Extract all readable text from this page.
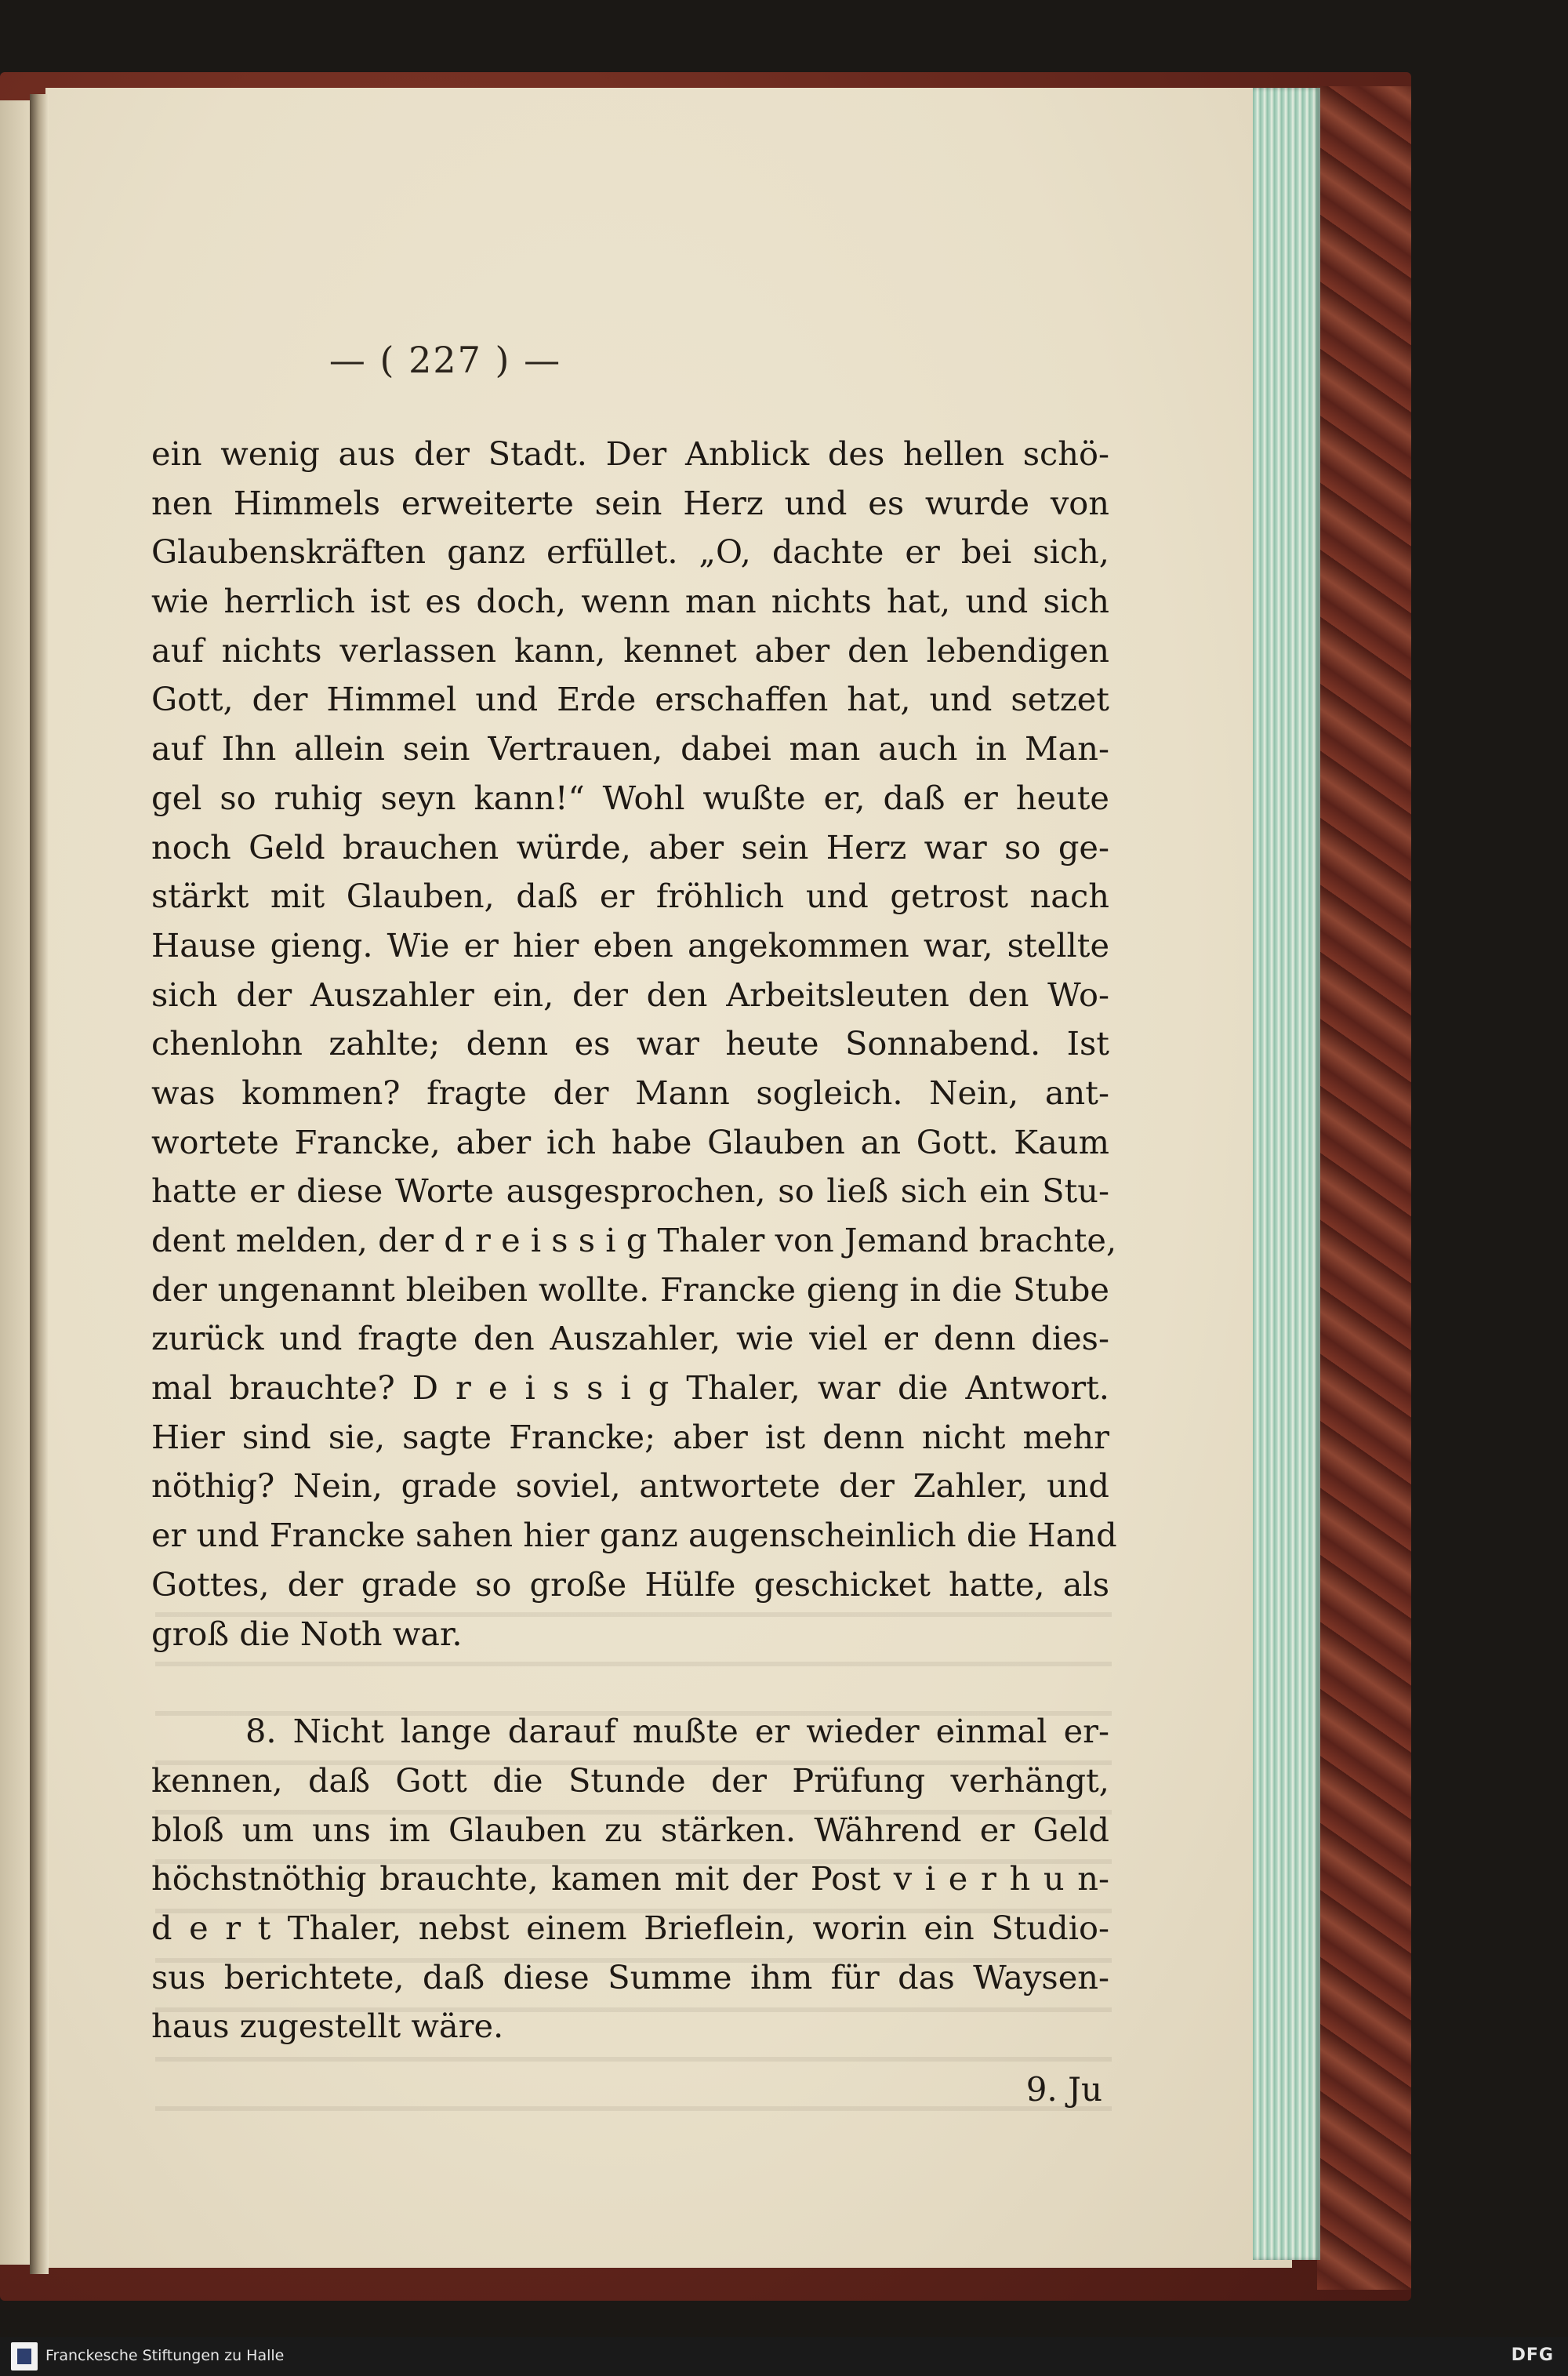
— ( 227 ) —
ein wenig aus der Stadt. Der Anblick des hellen schö-
nen Himmels erweiterte sein Herz und es wurde von
Glaubenskräften ganz erfüllet. „O, dachte er bei sich,
wie herrlich ist es doch, wenn man nichts hat, und sich
auf nichts verlassen kann, kennet aber den lebendigen
Gott, der Himmel und Erde erschaffen hat, und setzet
auf Ihn allein sein Vertrauen, dabei man auch in Man-
gel so ruhig seyn kann!“ Wohl wußte er, daß er heute
noch Geld brauchen würde, aber sein Herz war so ge-
stärkt mit Glauben, daß er fröhlich und getrost nach
Hause gieng. Wie er hier eben angekommen war, stellte
sich der Auszahler ein, der den Arbeitsleuten den Wo-
chenlohn zahlte; denn es war heute Sonnabend. Ist
was kommen? fragte der Mann sogleich. Nein, ant-
wortete Francke, aber ich habe Glauben an Gott. Kaum
hatte er diese Worte ausgesprochen, so ließ sich ein Stu-
dent melden, der d r e i s s i g Thaler von Jemand brachte,
der ungenannt bleiben wollte. Francke gieng in die Stube
zurück und fragte den Auszahler, wie viel er denn dies-
mal brauchte? D r e i s s i g Thaler, war die Antwort.
Hier sind sie, sagte Francke; aber ist denn nicht mehr
nöthig? Nein, grade soviel, antwortete der Zahler, und
er und Francke sahen hier ganz augenscheinlich die Hand
Gottes, der grade so große Hülfe geschicket hatte, als
groß die Noth war.
8. Nicht lange darauf mußte er wieder einmal er-
kennen, daß Gott die Stunde der Prüfung verhängt,
bloß um uns im Glauben zu stärken. Während er Geld
höchstnöthig brauchte, kamen mit der Post v i e r h u n-
d e r t Thaler, nebst einem Brieflein, worin ein Studio-
sus berichtete, daß diese Summe ihm für das Waysen-
haus zugestellt wäre.
9. Ju
Franckesche Stiftungen zu Halle	DFG
